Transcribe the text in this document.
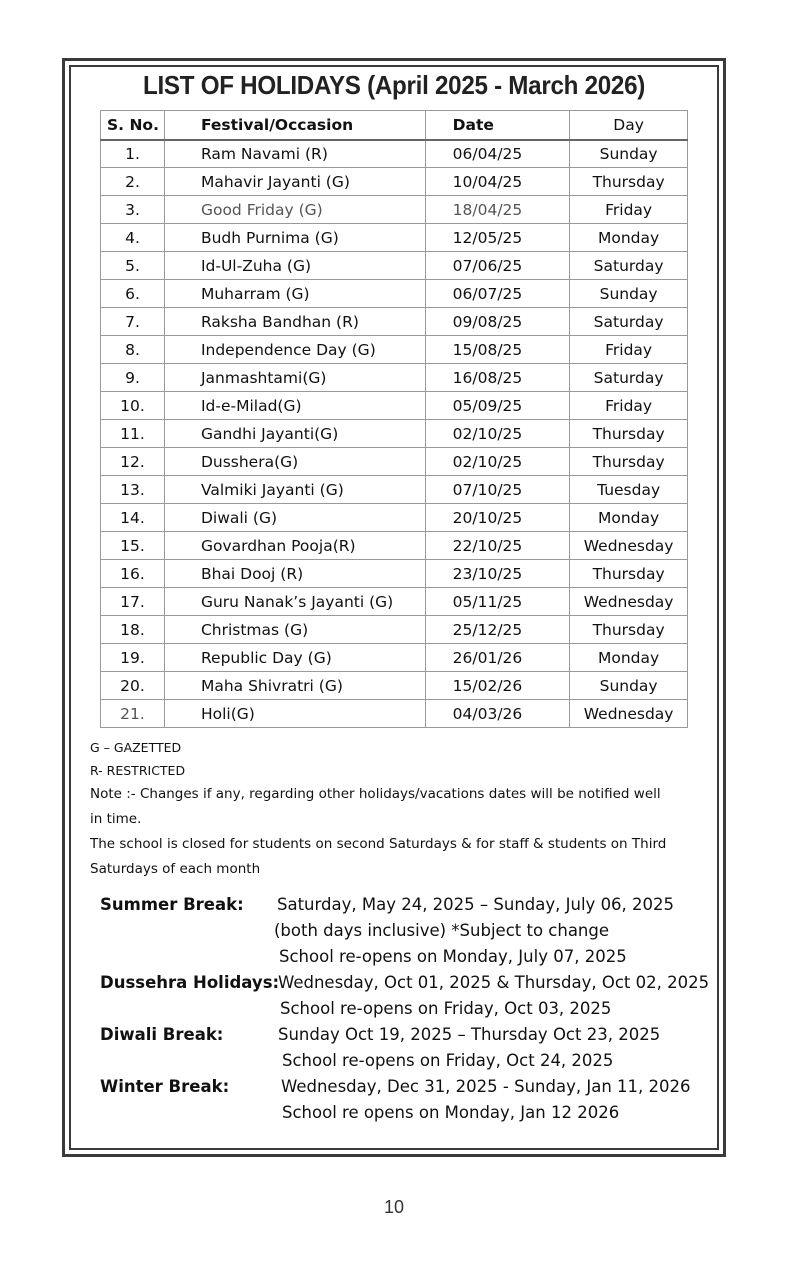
LIST OF HOLIDAYS (April 2025 - March 2026)
S. No.	Festival/Occasion	Date	Day
1.	Ram Navami (R)	06/04/25	Sunday
2.	Mahavir Jayanti (G)	10/04/25	Thursday
3.	Good Friday (G)	18/04/25	Friday
4.	Budh Purnima (G)	12/05/25	Monday
5.	Id-Ul-Zuha (G)	07/06/25	Saturday
6.	Muharram (G)	06/07/25	Sunday
7.	Raksha Bandhan (R)	09/08/25	Saturday
8.	Independence Day (G)	15/08/25	Friday
9.	Janmashtami(G)	16/08/25	Saturday
10.	Id-e-Milad(G)	05/09/25	Friday
11.	Gandhi Jayanti(G)	02/10/25	Thursday
12.	Dusshera(G)	02/10/25	Thursday
13.	Valmiki Jayanti (G)	07/10/25	Tuesday
14.	Diwali (G)	20/10/25	Monday
15.	Govardhan Pooja(R)	22/10/25	Wednesday
16.	Bhai Dooj (R)	23/10/25	Thursday
17.	Guru Nanak’s Jayanti (G)	05/11/25	Wednesday
18.	Christmas (G)	25/12/25	Thursday
19.	Republic Day (G)	26/01/26	Monday
20.	Maha Shivratri (G)	15/02/26	Sunday
21.	Holi(G)	04/03/26	Wednesday
G – GAZETTED
R- RESTRICTED
Note :- Changes if any, regarding other holidays/vacations dates will be notified well
in time.
The school is closed for students on second Saturdays & for staff & students on Third
Saturdays of each month
Summer Break: Saturday, May 24, 2025 – Sunday, July 06, 2025
(both days inclusive) *Subject to change
School re-opens on Monday, July 07, 2025
Dussehra Holidays:
Wednesday, Oct 01, 2025 & Thursday, Oct 02, 2025
School re-opens on Friday, Oct 03, 2025
Diwali Break:	Sunday Oct 19, 2025 – Thursday Oct 23, 2025
School re-opens on Friday, Oct 24, 2025
Winter Break:	Wednesday, Dec 31, 2025 - Sunday, Jan 11, 2026
School re opens on Monday, Jan 12 2026
10
